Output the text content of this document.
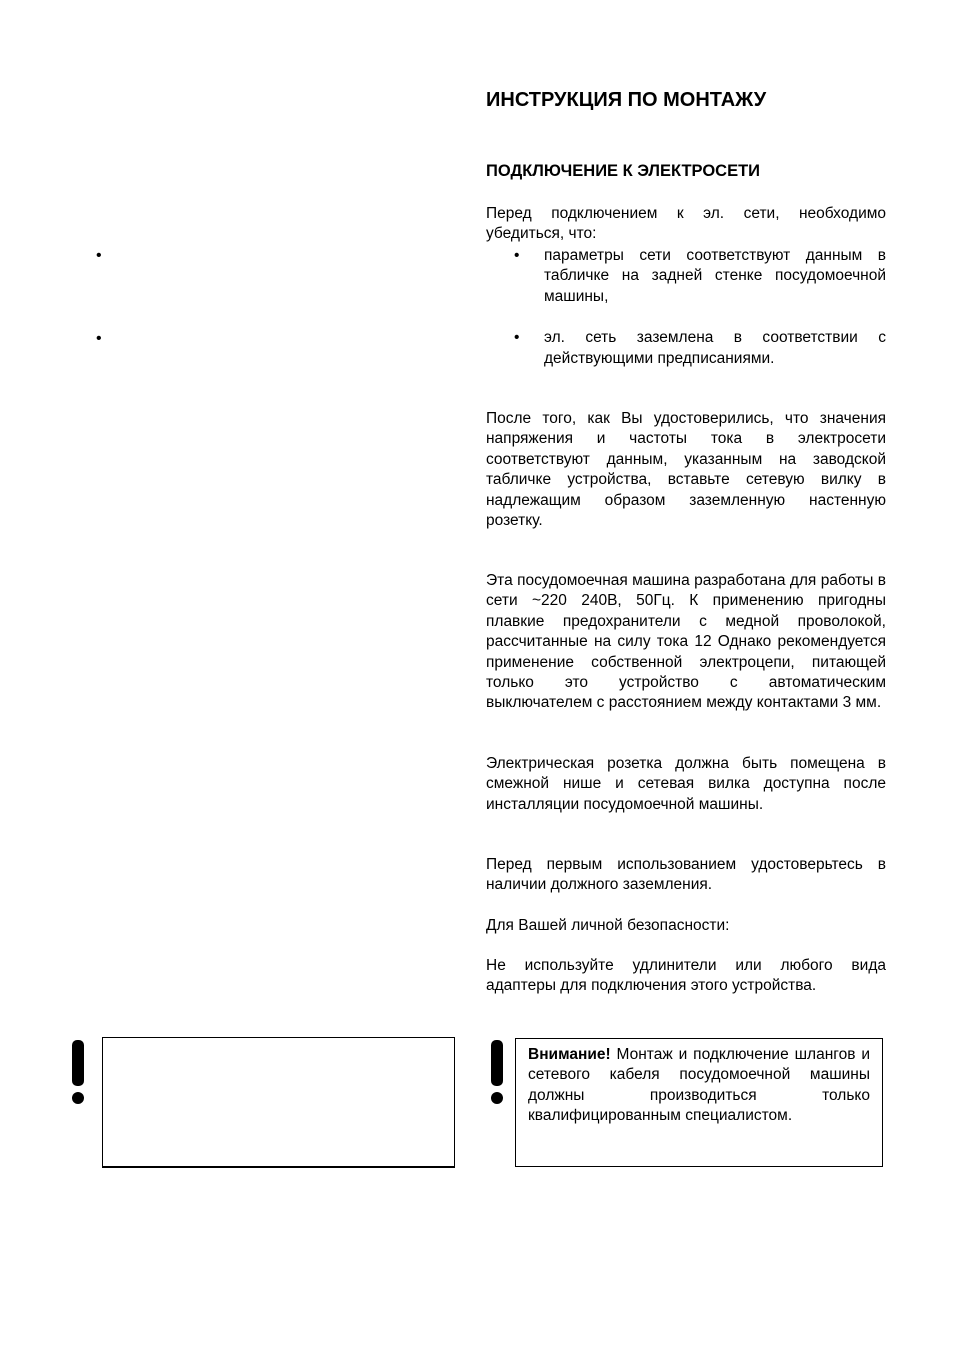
•
•
ИНСТРУКЦИЯ ПО МОНТАЖУ
ПОДКЛЮЧЕНИЕ К ЭЛЕКТРОСЕТИ

Перед подключением к эл. сети, необходимо убедиться, что:

• параметры сети соответствуют данным в табличке на задней стенке посудомоечной машины,
• эл. сеть заземлена в соответствии с действующими предписаниями.

После того, как Вы удостоверились, что значения напряжения и частоты тока в электросети соответствуют данным, указанным на заводской табличке устройства, вставьте сетевую вилку в надлежащим образом заземленную настенную розетку.

Эта посудомоечная машина разработана для работы в сети ~220 240В, 50Гц. К применению пригодны плавкие предохранители с медной проволокой, рассчитанные на силу тока 12 Однако рекомендуется применение собственной электроцепи, питающей только это устройство с автоматическим выключателем с расстоянием между контактами 3 мм.

Электрическая розетка должна быть помещена в смежной нише и сетевая вилка доступна после инсталляции посудомоечной машины.

Перед первым использованием удостоверьтесь в наличии должного заземления.

Для Вашей личной безопасности:

Не используйте удлинители или любого вида адаптеры для подключения этого устройства.

Внимание! Монтаж и подключение шлангов и сетевого кабеля посудомоечной машины должны производиться только квалифицированным специалистом.
